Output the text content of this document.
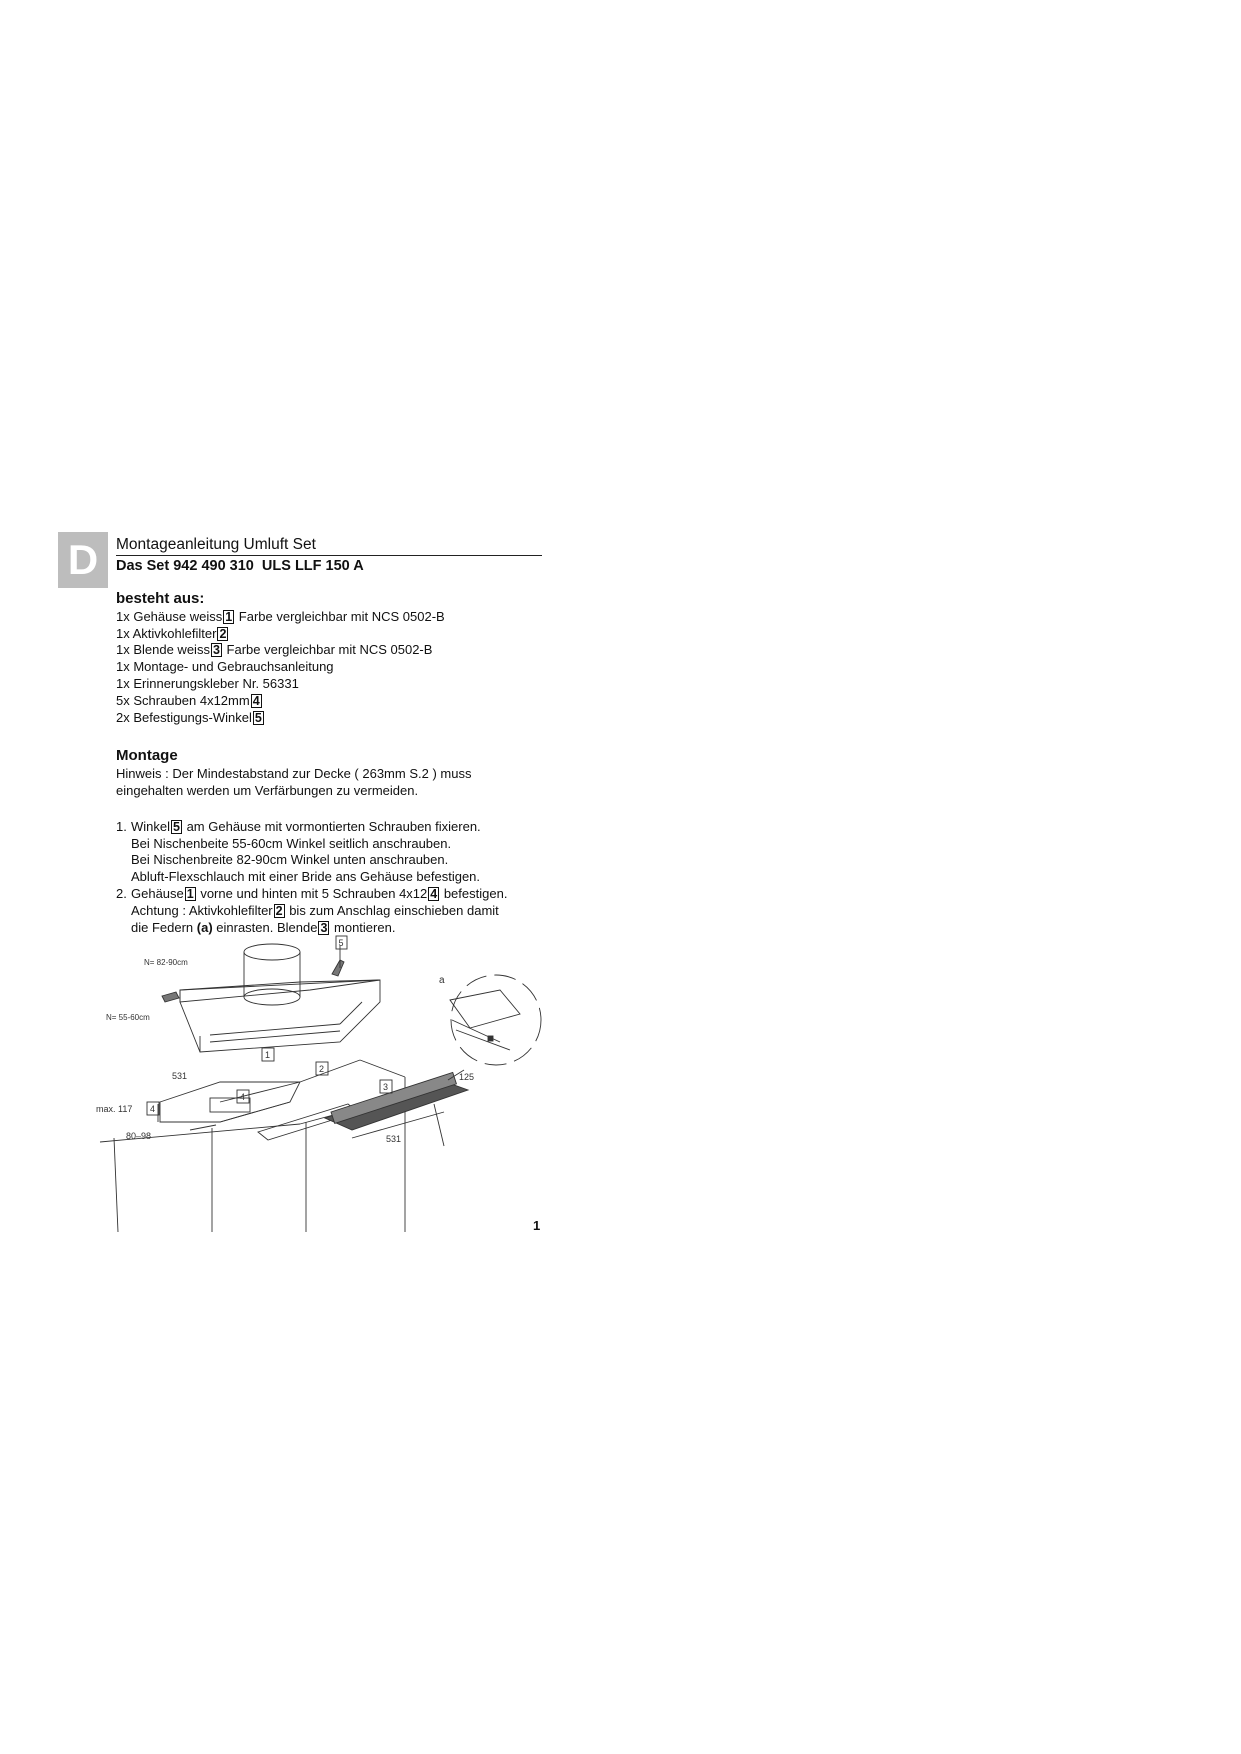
D	Montageanleitung Umluft Set
Das Set 942 490 310  ULS LLF 150 A
besteht aus:
1x Gehäuse weiss 1 Farbe vergleichbar mit NCS 0502-B
1x Aktivkohlefilter 2
1x Blende weiss 3 Farbe vergleichbar mit NCS 0502-B
1x Montage- und Gebrauchsanleitung
1x Erinnerungskleber Nr. 56331
5x Schrauben 4x12mm 4
2x Befestigungs-Winkel 5
Montage
Hinweis : Der Mindestabstand zur Decke ( 263mm S.2 ) muss
eingehalten werden um Verfärbungen zu vermeiden.
1. Winkel 5 am Gehäuse mit vormontierten Schrauben fixieren.
Bei Nischenbeite 55-60cm Winkel seitlich anschrauben.
Bei Nischenbreite 82-90cm Winkel unten anschrauben.
Abluft-Flexschlauch mit einer Bride ans Gehäuse befestigen.
2. Gehäuse 1 vorne und hinten mit 5 Schrauben 4x12 4 befestigen.
Achtung : Aktivkohlefilter 2 bis zum Anschlag einschieben damit
die Federn (a) einrasten. Blende 3 montieren.
N= 82-90cm
N= 55-60cm
5
a
531
max. 117
80–98
125
531
1
2
3
4
4
1
